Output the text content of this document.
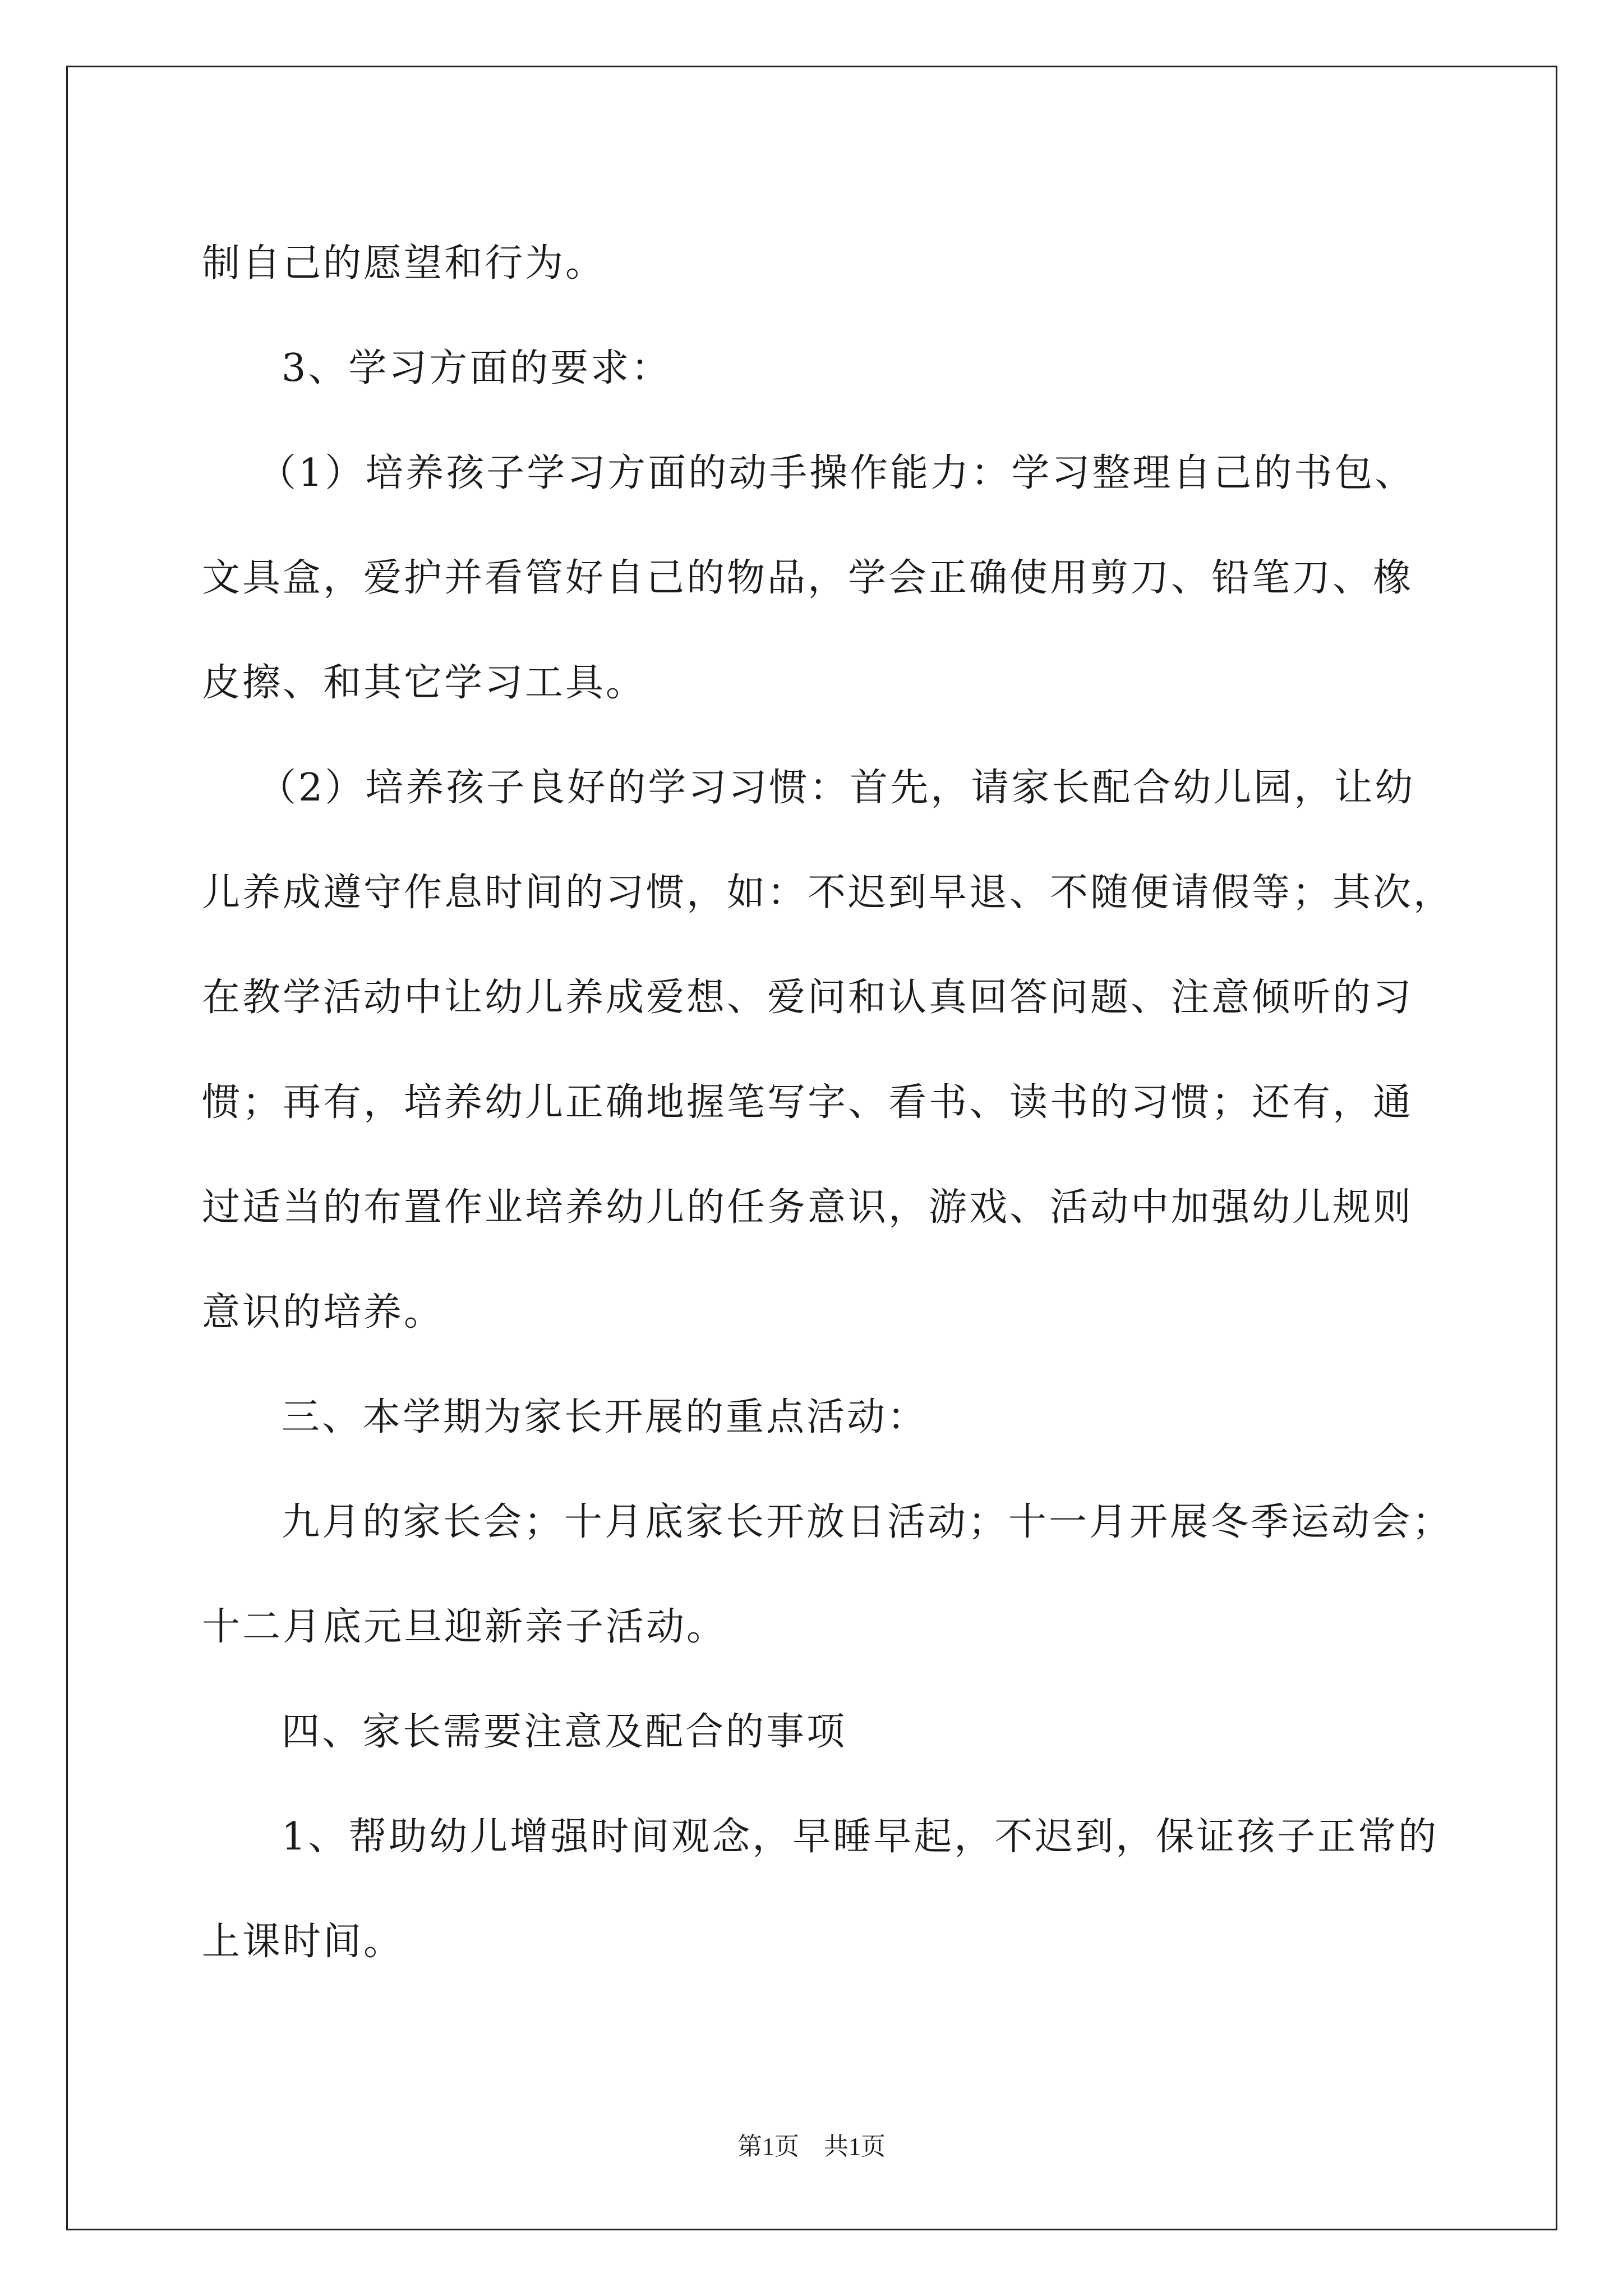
制自己的愿望和行为。
3、学习方面的要求：
（1）培养孩子学习方面的动手操作能力：学习整理自己的书包、
文具盒，爱护并看管好自己的物品，学会正确使用剪刀、铅笔刀、橡
皮擦、和其它学习工具。
（2）培养孩子良好的学习习惯：首先，请家长配合幼儿园，让幼
儿养成遵守作息时间的习惯，如：不迟到早退、不随便请假等；其次，
在教学活动中让幼儿养成爱想、爱问和认真回答问题、注意倾听的习
惯；再有，培养幼儿正确地握笔写字、看书、读书的习惯；还有，通
过适当的布置作业培养幼儿的任务意识，游戏、活动中加强幼儿规则
意识的培养。
三、本学期为家长开展的重点活动：
九月的家长会；十月底家长开放日活动；十一月开展冬季运动会；
十二月底元旦迎新亲子活动。
四、家长需要注意及配合的事项
1、帮助幼儿增强时间观念，早睡早起，不迟到，保证孩子正常的
上课时间。
第1页　共1页
